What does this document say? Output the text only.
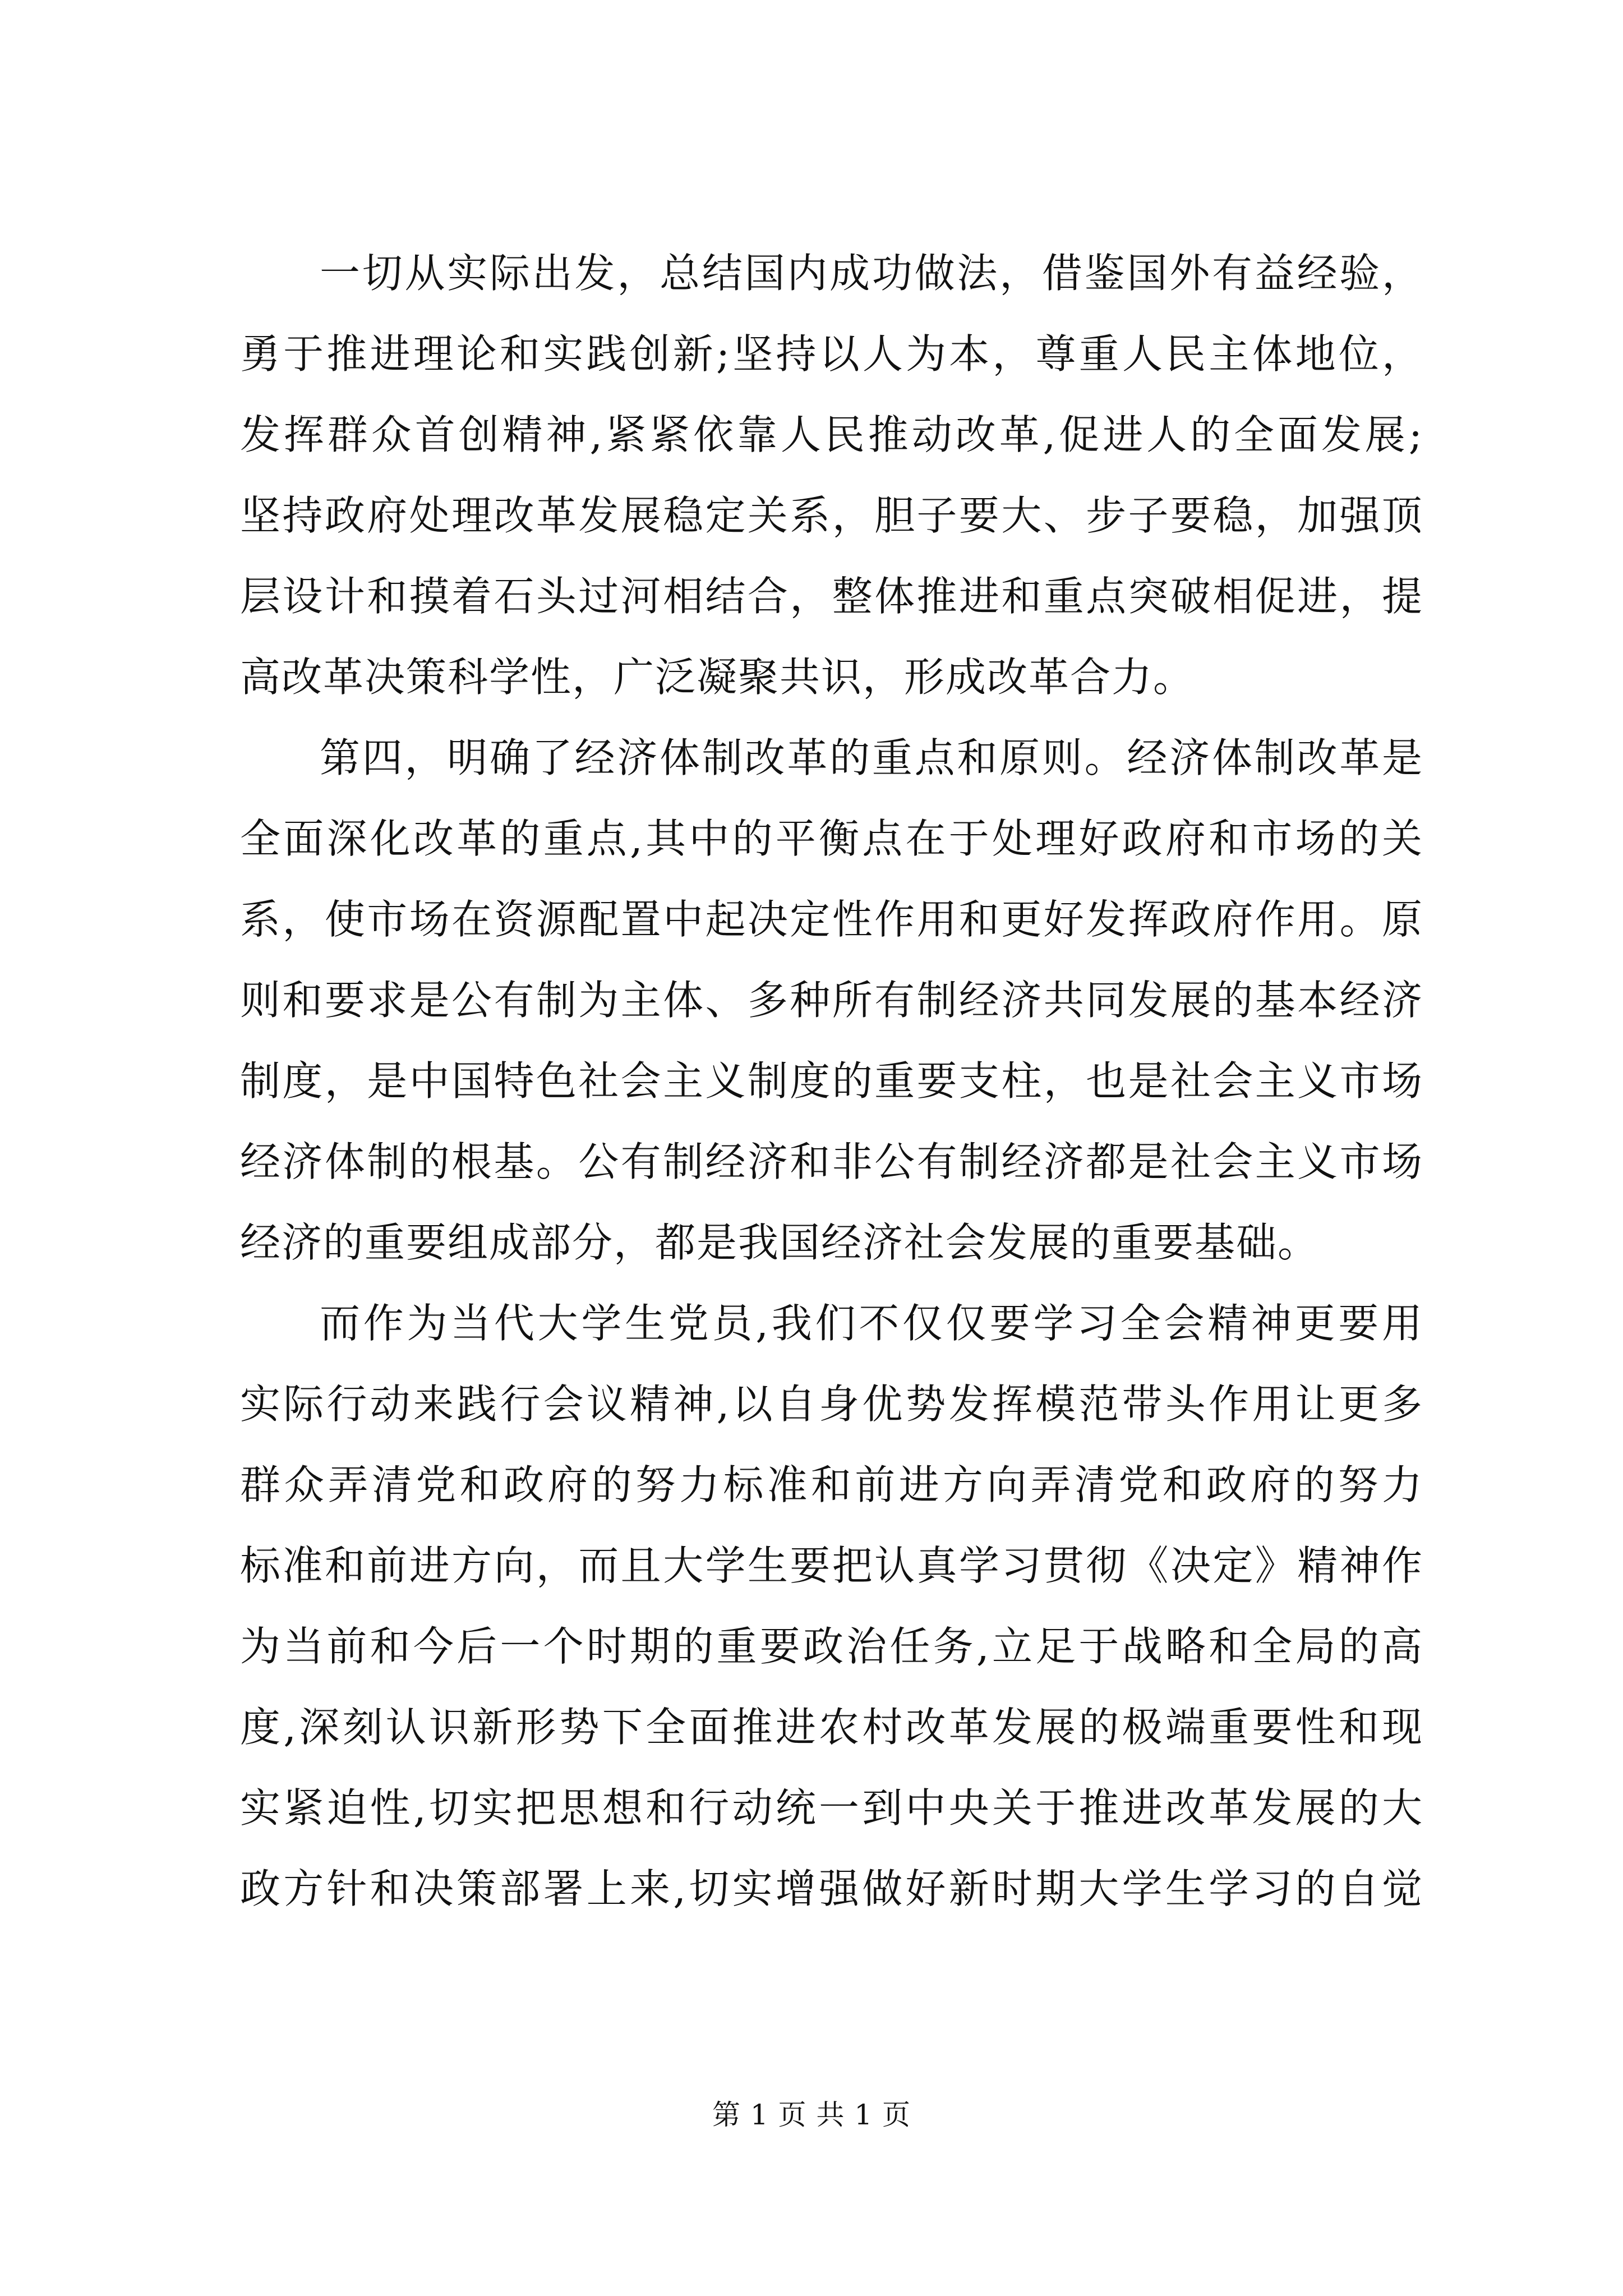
一切从实际出发，总结国内成功做法，借鉴国外有益经验，
勇于推进理论和实践创新;坚持以人为本，尊重人民主体地位，
发挥群众首创精神,紧紧依靠人民推动改革,促进人的全面发展;
坚持政府处理改革发展稳定关系，胆子要大、步子要稳，加强顶
层设计和摸着石头过河相结合，整体推进和重点突破相促进，提
高改革决策科学性，广泛凝聚共识，形成改革合力。
第四，明确了经济体制改革的重点和原则。经济体制改革是
全面深化改革的重点,其中的平衡点在于处理好政府和市场的关
系，使市场在资源配置中起决定性作用和更好发挥政府作用。原
则和要求是公有制为主体、多种所有制经济共同发展的基本经济
制度，是中国特色社会主义制度的重要支柱，也是社会主义市场
经济体制的根基。公有制经济和非公有制经济都是社会主义市场
经济的重要组成部分，都是我国经济社会发展的重要基础。
而作为当代大学生党员,我们不仅仅要学习全会精神更要用
实际行动来践行会议精神,以自身优势发挥模范带头作用让更多
群众弄清党和政府的努力标准和前进方向弄清党和政府的努力
标准和前进方向，而且大学生要把认真学习贯彻《决定》精神作
为当前和今后一个时期的重要政治任务,立足于战略和全局的高
度,深刻认识新形势下全面推进农村改革发展的极端重要性和现
实紧迫性,切实把思想和行动统一到中央关于推进改革发展的大
政方针和决策部署上来,切实增强做好新时期大学生学习的自觉
第 1 页 共 1 页
